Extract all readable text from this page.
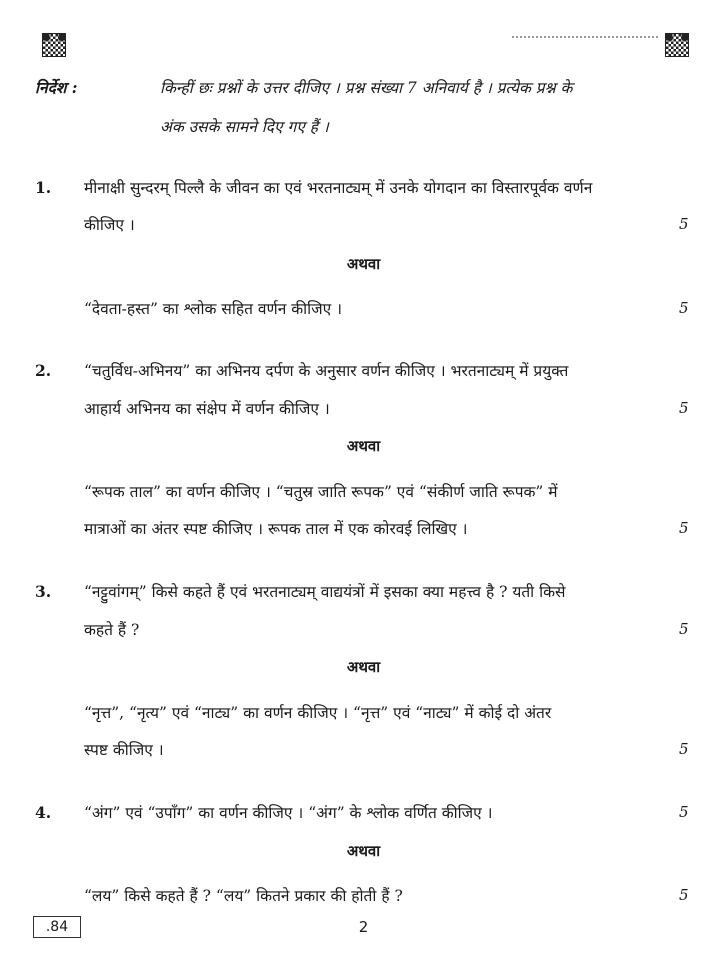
निर्देश :	किन्हीं छः प्रश्नों के उत्तर दीजिए । प्रश्न संख्या 7 अनिवार्य है । प्रत्येक प्रश्न के
अंक उसके सामने दिए गए हैं ।
1. मीनाक्षी सुन्दरम् पिल्लै के जीवन का एवं भरतनाट्यम् में उनके योगदान का विस्तारपूर्वक वर्णन
कीजिए ।	5
अथवा
“देवता-हस्त” का श्लोक सहित वर्णन कीजिए ।	5
2. “चतुर्विध-अभिनय” का अभिनय दर्पण के अनुसार वर्णन कीजिए । भरतनाट्यम् में प्रयुक्त
आहार्य अभिनय का संक्षेप में वर्णन कीजिए ।	5
अथवा
“रूपक ताल” का वर्णन कीजिए । “चतुस्र जाति रूपक” एवं “संकीर्ण जाति रूपक” में
मात्राओं का अंतर स्पष्ट कीजिए । रूपक ताल में एक कोरवई लिखिए ।	5
3. “नट्टुवांगम्” किसे कहते हैं एवं भरतनाट्यम् वाद्ययंत्रों में इसका क्या महत्त्व है ? यती किसे
कहते हैं ?	5
अथवा
“नृत्त”, “नृत्य” एवं “नाट्य” का वर्णन कीजिए । “नृत्त” एवं “नाट्य” में कोई दो अंतर
स्पष्ट कीजिए ।	5
4. “अंग” एवं “उपाँग” का वर्णन कीजिए । “अंग” के श्लोक वर्णित कीजिए ।	5
अथवा
“लय” किसे कहते हैं ? “लय” कितने प्रकार की होती हैं ?	5
.84	2
